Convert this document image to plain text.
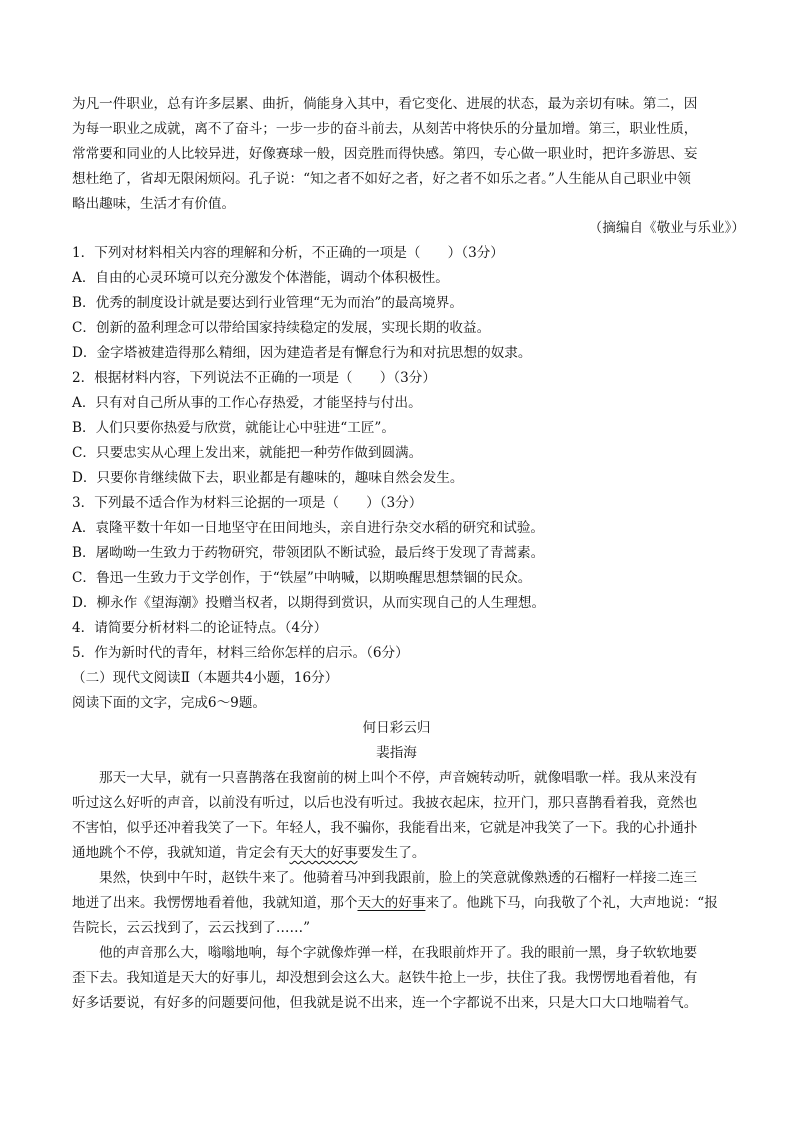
为凡一件职业，总有许多层累、曲折，倘能身入其中，看它变化、进展的状态，最为亲切有味。第二，因
为每一职业之成就，离不了奋斗；一步一步的奋斗前去，从刻苦中将快乐的分量加增。第三，职业性质，
常常要和同业的人比较异进，好像赛球一般，因竞胜而得快感。第四，专心做一职业时，把许多游思、妄
想杜绝了，省却无限闲烦闷。孔子说：“知之者不如好之者，好之者不如乐之者。”人生能从自己职业中领
略出趣味，生活才有价值。
（摘编自《敬业与乐业》）
1．下列对材料相关内容的理解和分析，不正确的一项是（　　）（3分）
A．自由的心灵环境可以充分激发个体潜能，调动个体积极性。
B．优秀的制度设计就是要达到行业管理“无为而治”的最高境界。
C．创新的盈利理念可以带给国家持续稳定的发展，实现长期的收益。
D．金字塔被建造得那么精细，因为建造者是有懈怠行为和对抗思想的奴隶。
2．根据材料内容，下列说法不正确的一项是（　　）（3分）
A．只有对自己所从事的工作心存热爱，才能坚持与付出。
B．人们只要你热爱与欣赏，就能让心中驻进“工匠”。
C．只要忠实从心理上发出来，就能把一种劳作做到圆满。
D．只要你肯继续做下去，职业都是有趣味的，趣味自然会发生。
3．下列最不适合作为材料三论据的一项是（　　）（3分）
A．袁隆平数十年如一日地坚守在田间地头，亲自进行杂交水稻的研究和试验。
B．屠呦呦一生致力于药物研究，带领团队不断试验，最后终于发现了青蒿素。
C．鲁迅一生致力于文学创作，于“铁屋”中呐喊，以期唤醒思想禁锢的民众。
D．柳永作《望海潮》投赠当权者，以期得到赏识，从而实现自己的人生理想。
4．请简要分析材料二的论证特点。（4分）
5．作为新时代的青年，材料三给你怎样的启示。（6分）
（二）现代文阅读Ⅱ（本题共4小题，16分）
阅读下面的文字，完成6～9题。
何日彩云归
裴指海
那天一大早，就有一只喜鹊落在我窗前的树上叫个不停，声音婉转动听，就像唱歌一样。我从来没有
听过这么好听的声音，以前没有听过，以后也没有听过。我披衣起床，拉开门，那只喜鹊看着我，竟然也
不害怕，似乎还冲着我笑了一下。年轻人，我不骗你，我能看出来，它就是冲我笑了一下。我的心扑通扑
通地跳个不停，我就知道，肯定会有天大的好事要发生了。
果然，快到中午时，赵铁牛来了。他骑着马冲到我跟前，脸上的笑意就像熟透的石榴籽一样接二连三
地迸了出来。我愣愣地看着他，我就知道，那个天大的好事来了。他跳下马，向我敬了个礼，大声地说：“报
告院长，云云找到了，云云找到了……”
他的声音那么大，嗡嗡地响，每个字就像炸弹一样，在我眼前炸开了。我的眼前一黑，身子软软地要
歪下去。我知道是天大的好事儿，却没想到会这么大。赵铁牛抢上一步，扶住了我。我愣愣地看着他，有
好多话要说，有好多的问题要问他，但我就是说不出来，连一个字都说不出来，只是大口大口地喘着气。
